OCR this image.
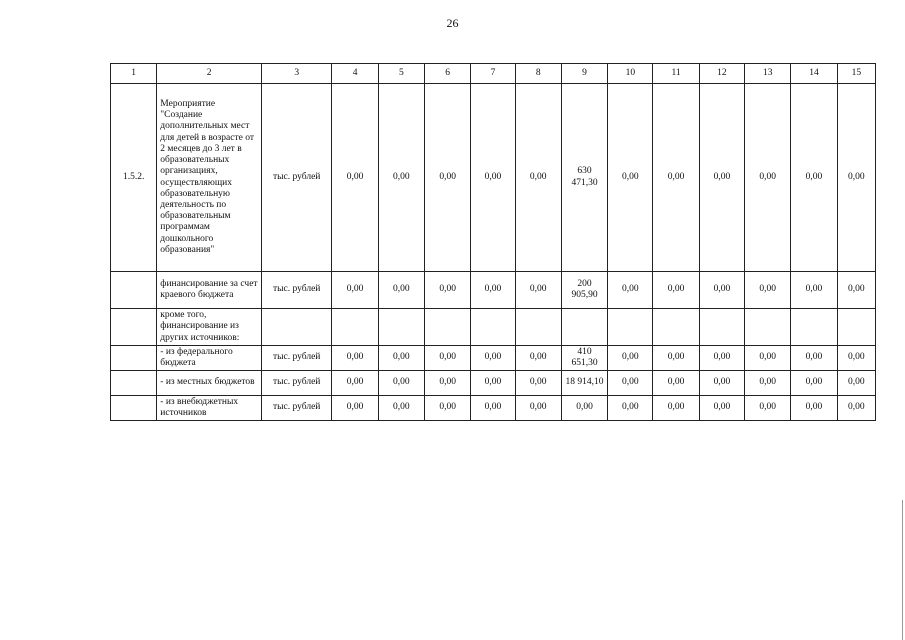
26
1	2	3	4	5	6	7	8	9	10	11	12	13	14	15
1.5.2.	Мероприятие "Создание дополнительных мест для детей в возрасте от 2 месяцев до 3 лет в образовательных организациях, осуществляющих образовательную деятельность по образовательным программам дошкольного образования"	тыс. рублей	0,00	0,00	0,00	0,00	0,00	630 471,30	0,00	0,00	0,00	0,00	0,00	0,00
	финансирование за счет краевого бюджета	тыс. рублей	0,00	0,00	0,00	0,00	0,00	200 905,90	0,00	0,00	0,00	0,00	0,00	0,00
	кроме того, финансирование из других источников:													
	- из федерального бюджета	тыс. рублей	0,00	0,00	0,00	0,00	0,00	410 651,30	0,00	0,00	0,00	0,00	0,00	0,00
	- из местных бюджетов	тыс. рублей	0,00	0,00	0,00	0,00	0,00	18 914,10	0,00	0,00	0,00	0,00	0,00	0,00
	- из внебюджетных источников	тыс. рублей	0,00	0,00	0,00	0,00	0,00	0,00	0,00	0,00	0,00	0,00	0,00	0,00
